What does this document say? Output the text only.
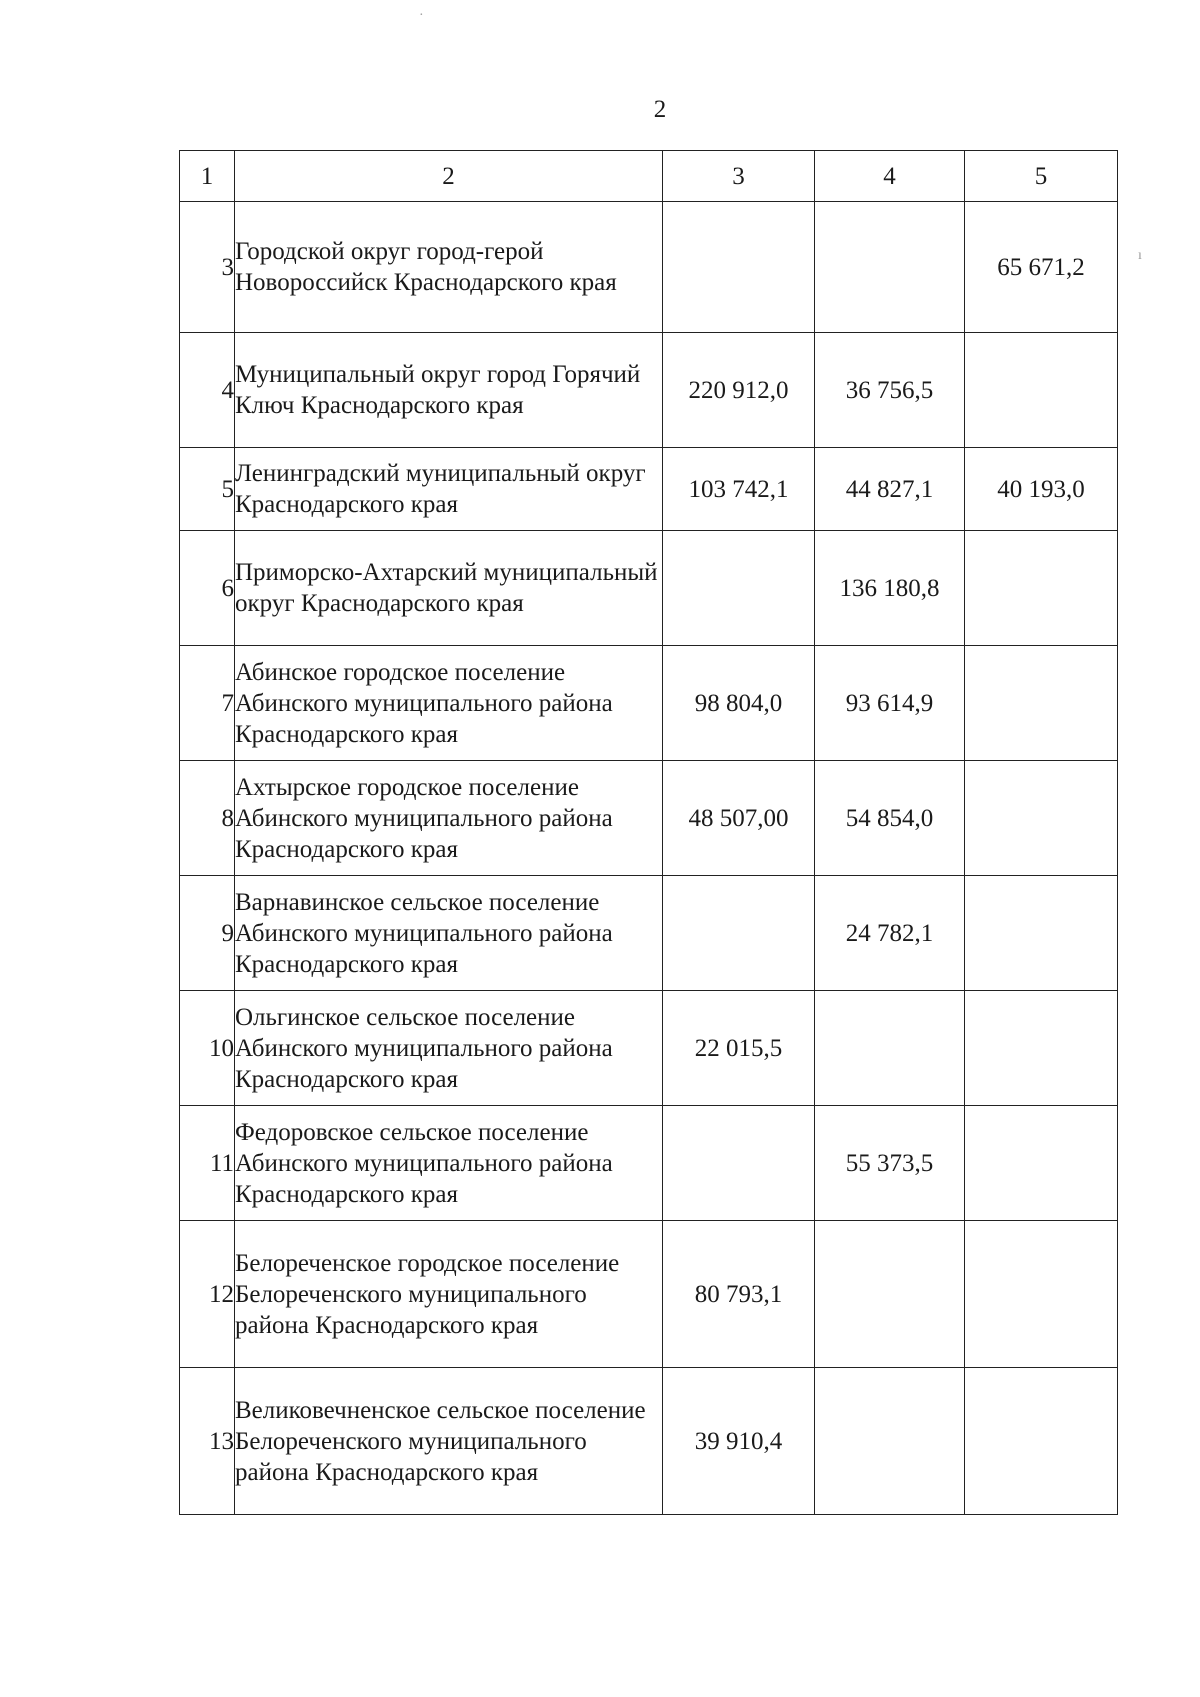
·
ı
2
1	2	3	4	5
3	Городской округ город-герой Новороссийск Краснодарского края			65 671,2
4	Муниципальный округ город Горячий Ключ Краснодарского края	220 912,0	36 756,5	
5	Ленинградский муниципальный округ Краснодарского края	103 742,1	44 827,1	40 193,0
6	Приморско-Ахтарский муниципальный округ Краснодарского края		136 180,8	
7	Абинское городское поселение Абинского муниципального района Краснодарского края	98 804,0	93 614,9	
8	Ахтырское городское поселение Абинского муниципального района Краснодарского края	48 507,00	54 854,0	
9	Варнавинское сельское поселение Абинского муниципального района Краснодарского края		24 782,1	
10	Ольгинское сельское поселение Абинского муниципального района Краснодарского края	22 015,5		
11	Федоровское сельское поселение Абинского муниципального района Краснодарского края		55 373,5	
12	Белореченское городское поселение Белореченского муниципального района Краснодарского края	80 793,1		
13	Великовечненское сельское поселение Белореченского муниципального района Краснодарского края	39 910,4		
